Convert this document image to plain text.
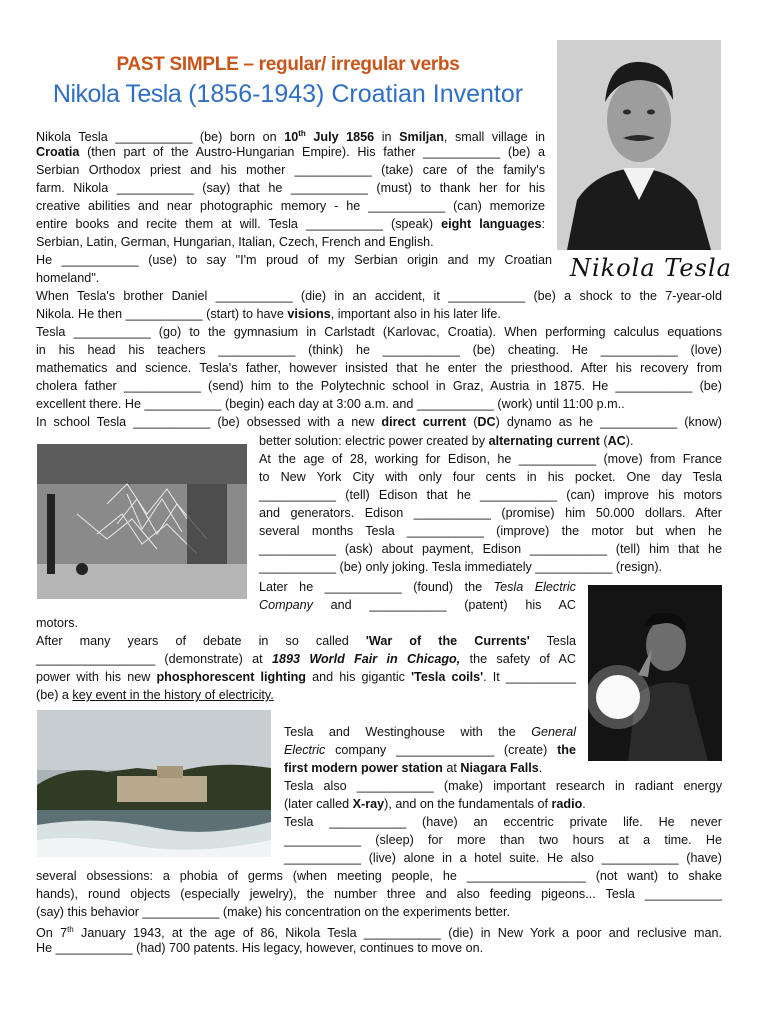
PAST SIMPLE – regular/ irregular verbs
Nikola Tesla (1856-1943) Croatian Inventor
Nikola Tesla
Nikola Tesla ___________ (be) born on 10th July 1856 in Smiljan, small village in
Croatia (then part of the Austro-Hungarian Empire). His father ___________ (be) a
Serbian Orthodox priest and his mother ___________ (take) care of the family's
farm. Nikola ___________ (say) that he ___________ (must) to thank her for his
creative abilities and near photographic memory - he ___________ (can) memorize
entire books and recite them at will. Tesla ___________ (speak) eight languages:
Serbian, Latin, German, Hungarian, Italian, Czech, French and English.
He ___________ (use) to say "I'm proud of my Serbian origin and my Croatian
homeland".
When Tesla's brother Daniel ___________ (die) in an accident, it ___________ (be) a shock to the 7-year-old
Nikola. He then ___________ (start) to have visions, important also in his later life.
Tesla ___________ (go) to the gymnasium in Carlstadt (Karlovac, Croatia). When performing calculus equations
in his head his teachers ___________ (think) he ___________ (be) cheating. He ___________ (love)
mathematics and science. Tesla's father, however insisted that he enter the priesthood. After his recovery from
cholera father ___________ (send) him to the Polytechnic school in Graz, Austria in 1875. He ___________ (be)
excellent there. He ___________ (begin) each day at 3:00 a.m. and ___________ (work) until 11:00 p.m..
In school Tesla ___________ (be) obsessed with a new direct current (DC) dynamo as he ___________ (know)
better solution: electric power created by alternating current (AC).
At the age of 28, working for Edison, he ___________ (move) from France
to New York City with only four cents in his pocket. One day Tesla
___________ (tell) Edison that he ___________ (can) improve his motors
and generators. Edison ___________ (promise) him 50.000 dollars. After
several months Tesla ___________ (improve) the motor but when he
___________ (ask) about payment, Edison ___________ (tell) him that he
___________ (be) only joking. Tesla immediately ___________ (resign).
Later he ___________ (found) the Tesla Electric
Company and ___________ (patent) his AC
motors.
After many years of debate in so called 'War of the Currents' Tesla
_________________ (demonstrate) at 1893 World Fair in Chicago, the safety of AC
power with his new phosphorescent lighting and his gigantic 'Tesla coils'. It __________
(be) a key event in the history of electricity.
Tesla and Westinghouse with the General
Electric company ______________ (create) the
first modern power station at Niagara Falls.
Tesla also ___________ (make) important research in radiant energy
(later called X-ray), and on the fundamentals of radio.
Tesla ___________ (have) an eccentric private life. He never
___________ (sleep) for more than two hours at a time. He
___________ (live) alone in a hotel suite. He also ___________ (have)
several obsessions: a phobia of germs (when meeting people, he _________________ (not want) to shake
hands), round objects (especially jewelry), the number three and also feeding pigeons... Tesla ___________
(say) this behavior ___________ (make) his concentration on the experiments better.
On 7th January 1943, at the age of 86, Nikola Tesla ___________ (die) in New York a poor and reclusive man.
He ___________ (had) 700 patents. His legacy, however, continues to move on.
